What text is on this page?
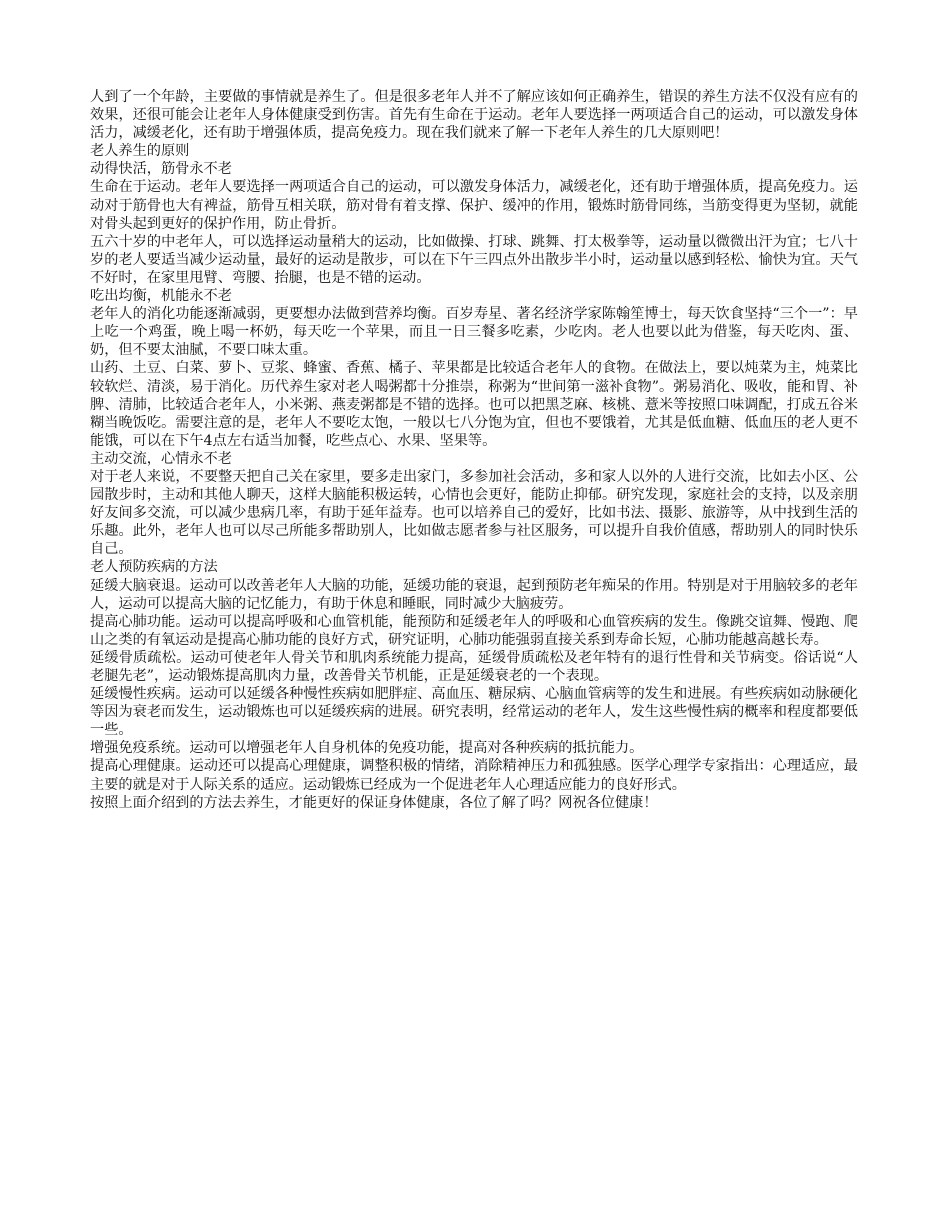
人到了一个年龄，主要做的事情就是养生了。但是很多老年人并不了解应该如何正确养生，错误的养生方法不仅没有应有的效果，还很可能会让老年人身体健康受到伤害。首先有生命在于运动。老年人要选择一两项适合自己的运动，可以激发身体活力，减缓老化，还有助于增强体质，提高免疫力。现在我们就来了解一下老年人养生的几大原则吧！

老人养生的原则

动得快活，筋骨永不老

生命在于运动。老年人要选择一两项适合自己的运动，可以激发身体活力，减缓老化，还有助于增强体质，提高免疫力。运动对于筋骨也大有裨益，筋骨互相关联，筋对骨有着支撑、保护、缓冲的作用，锻炼时筋骨同练，当筋变得更为坚韧，就能对骨头起到更好的保护作用，防止骨折。

五六十岁的中老年人，可以选择运动量稍大的运动，比如做操、打球、跳舞、打太极拳等，运动量以微微出汗为宜；七八十岁的老人要适当减少运动量，最好的运动是散步，可以在下午三四点外出散步半小时，运动量以感到轻松、愉快为宜。天气不好时，在家里甩臂、弯腰、抬腿，也是不错的运动。

吃出均衡，机能永不老

老年人的消化功能逐渐减弱，更要想办法做到营养均衡。百岁寿星、著名经济学家陈翰笙博士，每天饮食坚持“三个一”：早上吃一个鸡蛋，晚上喝一杯奶，每天吃一个苹果，而且一日三餐多吃素，少吃肉。老人也要以此为借鉴，每天吃肉、蛋、奶，但不要太油腻，不要口味太重。

山药、土豆、白菜、萝卜、豆浆、蜂蜜、香蕉、橘子、苹果都是比较适合老年人的食物。在做法上，要以炖菜为主，炖菜比较软烂、清淡，易于消化。历代养生家对老人喝粥都十分推崇，称粥为“世间第一滋补食物”。粥易消化、吸收，能和胃、补脾、清肺，比较适合老年人，小米粥、燕麦粥都是不错的选择。也可以把黑芝麻、核桃、薏米等按照口味调配，打成五谷米糊当晚饭吃。需要注意的是，老年人不要吃太饱，一般以七八分饱为宜，但也不要饿着，尤其是低血糖、低血压的老人更不能饿，可以在下午4点左右适当加餐，吃些点心、水果、坚果等。

主动交流，心情永不老

对于老人来说，不要整天把自己关在家里，要多走出家门，多参加社会活动，多和家人以外的人进行交流，比如去小区、公园散步时，主动和其他人聊天，这样大脑能积极运转，心情也会更好，能防止抑郁。研究发现，家庭社会的支持，以及亲朋好友间多交流，可以减少患病几率，有助于延年益寿。也可以培养自己的爱好，比如书法、摄影、旅游等，从中找到生活的乐趣。此外，老年人也可以尽己所能多帮助别人，比如做志愿者参与社区服务，可以提升自我价值感，帮助别人的同时快乐自己。

老人预防疾病的方法

延缓大脑衰退。运动可以改善老年人大脑的功能，延缓功能的衰退，起到预防老年痴呆的作用。特别是对于用脑较多的老年人，运动可以提高大脑的记忆能力，有助于休息和睡眠，同时减少大脑疲劳。

提高心肺功能。运动可以提高呼吸和心血管机能，能预防和延缓老年人的呼吸和心血管疾病的发生。像跳交谊舞、慢跑、爬山之类的有氧运动是提高心肺功能的良好方式，研究证明，心肺功能强弱直接关系到寿命长短，心肺功能越高越长寿。

延缓骨质疏松。运动可使老年人骨关节和肌肉系统能力提高，延缓骨质疏松及老年特有的退行性骨和关节病变。俗话说“人老腿先老”，运动锻炼提高肌肉力量，改善骨关节机能，正是延缓衰老的一个表现。

延缓慢性疾病。运动可以延缓各种慢性疾病如肥胖症、高血压、糖尿病、心脑血管病等的发生和进展。有些疾病如动脉硬化等因为衰老而发生，运动锻炼也可以延缓疾病的进展。研究表明，经常运动的老年人，发生这些慢性病的概率和程度都要低一些。

增强免疫系统。运动可以增强老年人自身机体的免疫功能，提高对各种疾病的抵抗能力。

提高心理健康。运动还可以提高心理健康，调整积极的情绪，消除精神压力和孤独感。医学心理学专家指出：心理适应，最主要的就是对于人际关系的适应。运动锻炼已经成为一个促进老年人心理适应能力的良好形式。

按照上面介绍到的方法去养生，才能更好的保证身体健康，各位了解了吗？网祝各位健康！
